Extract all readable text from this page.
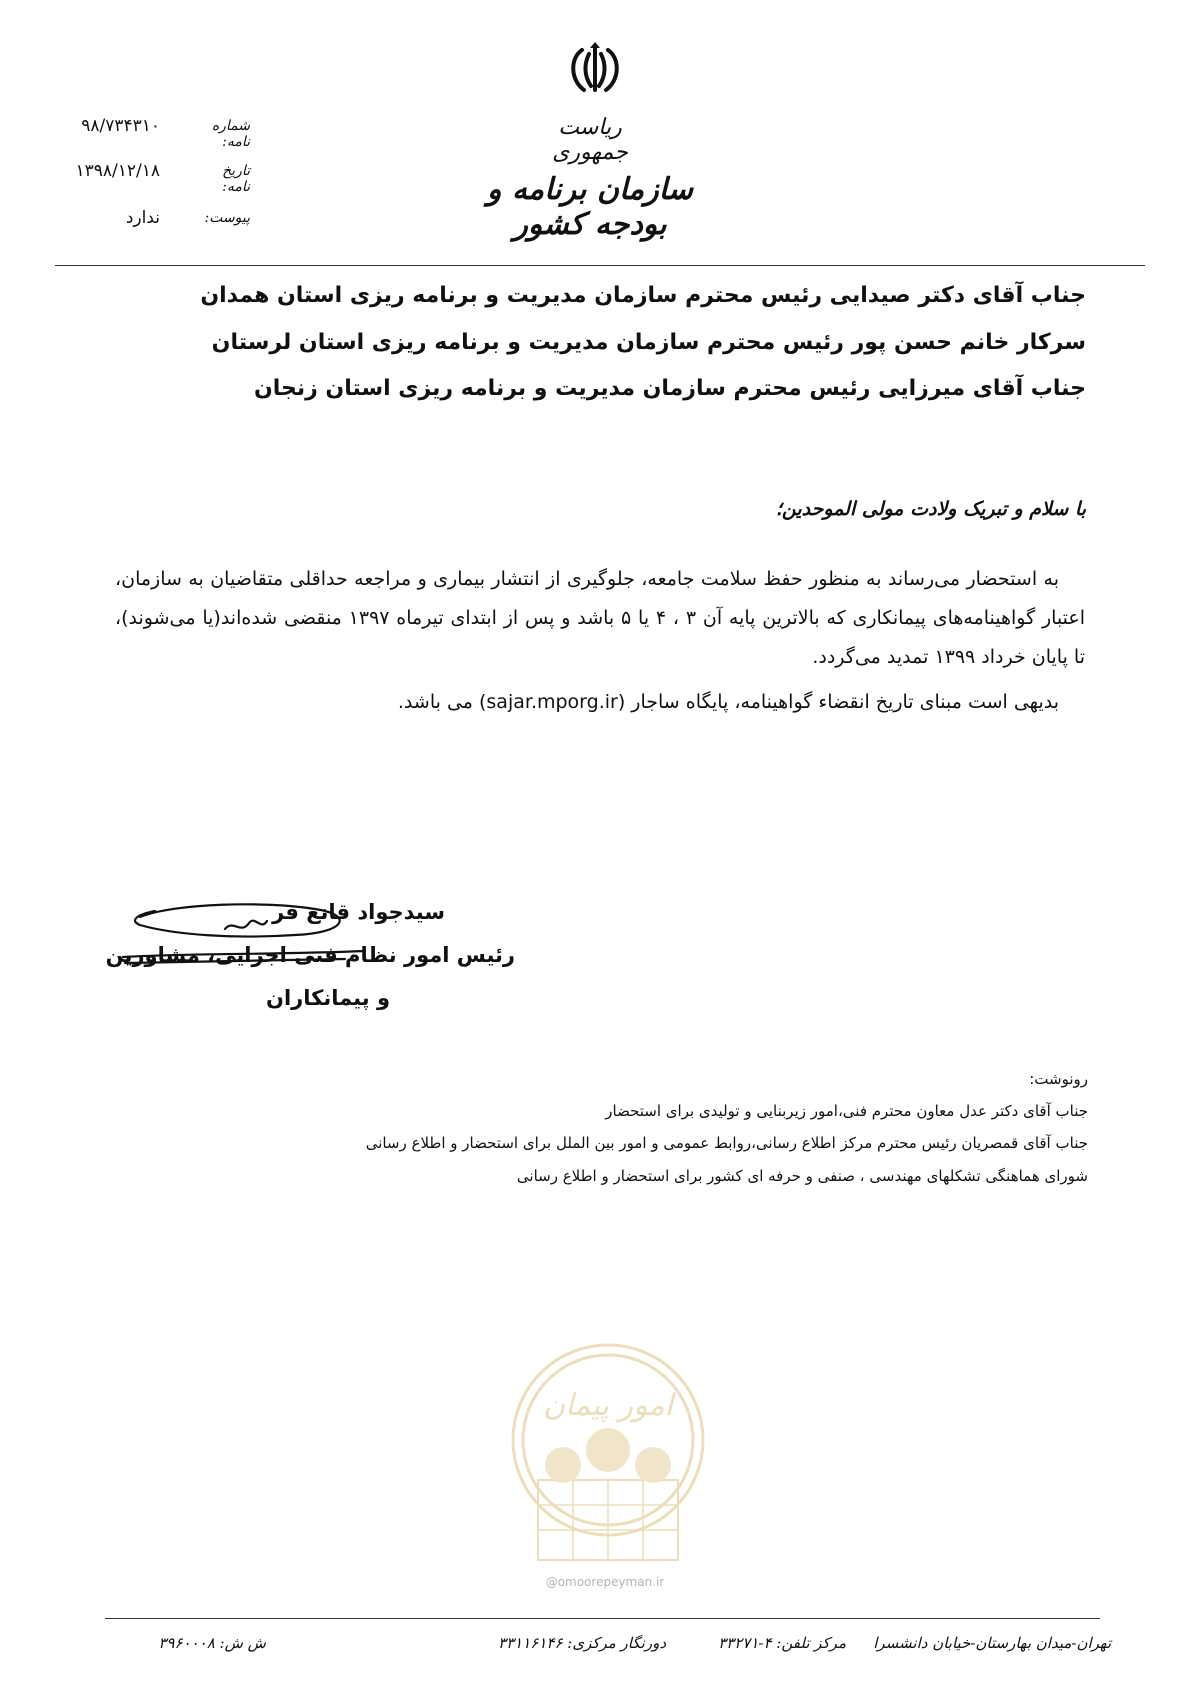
ریاست جمهوری
سازمان برنامه و بودجه کشور
شماره نامه:
۹۸/۷۳۴۳۱۰
تاریخ نامه:
۱۳۹۸/۱۲/۱۸
پیوست:
ندارد
جناب آقای دکتر صیدایی رئیس محترم سازمان مدیریت و برنامه ریزی استان همدان
سرکار خانم حسن پور رئیس محترم سازمان مدیریت و برنامه ریزی استان لرستان
جناب آقای میرزایی رئیس محترم سازمان مدیریت و برنامه ریزی استان زنجان
با سلام و تبریک ولادت مولی الموحدین؛

به استحضار می‌رساند به منظور حفظ سلامت جامعه، جلوگیری از انتشار بیماری و مراجعه حداقلی متقاضیان به سازمان، اعتبار گواهینامه‌های پیمانکاری که بالاترین پایه آن ۳ ، ۴ یا ۵ باشد و پس از ابتدای تیرماه ۱۳۹۷ منقضی شده‌اند(یا می‌شوند)، تا پایان خرداد ۱۳۹۹ تمدید می‌گردد.

بدیهی است مبنای تاریخ انقضاء گواهینامه، پایگاه ساجار (sajar.mporg.ir) می باشد.

سیدجواد قانع فر
رئیس امور نظام فنی اجرایی، مشاورین
و پیمانکاران
رونوشت:
جناب آقای دکتر عدل معاون محترم فنی،امور زیربنایی و تولیدی برای استحضار
جناب آقای قمصریان رئیس محترم مرکز اطلاع رسانی،روابط عمومی و امور بین الملل برای استحضار و اطلاع رسانی
شورای هماهنگی تشکلهای مهندسی ، صنفی و حرفه ای کشور برای استحضار و اطلاع رسانی
امور پیمان
@omoorepeyman.ir
تهران-میدان بهارستان-خیابان دانشسرا
مرکز تلفن: ۴-۳۳۲۷۱
دورنگار مرکزی: ۳۳۱۱۶۱۴۶
ش ش: ۳۹۶۰۰۰۸
